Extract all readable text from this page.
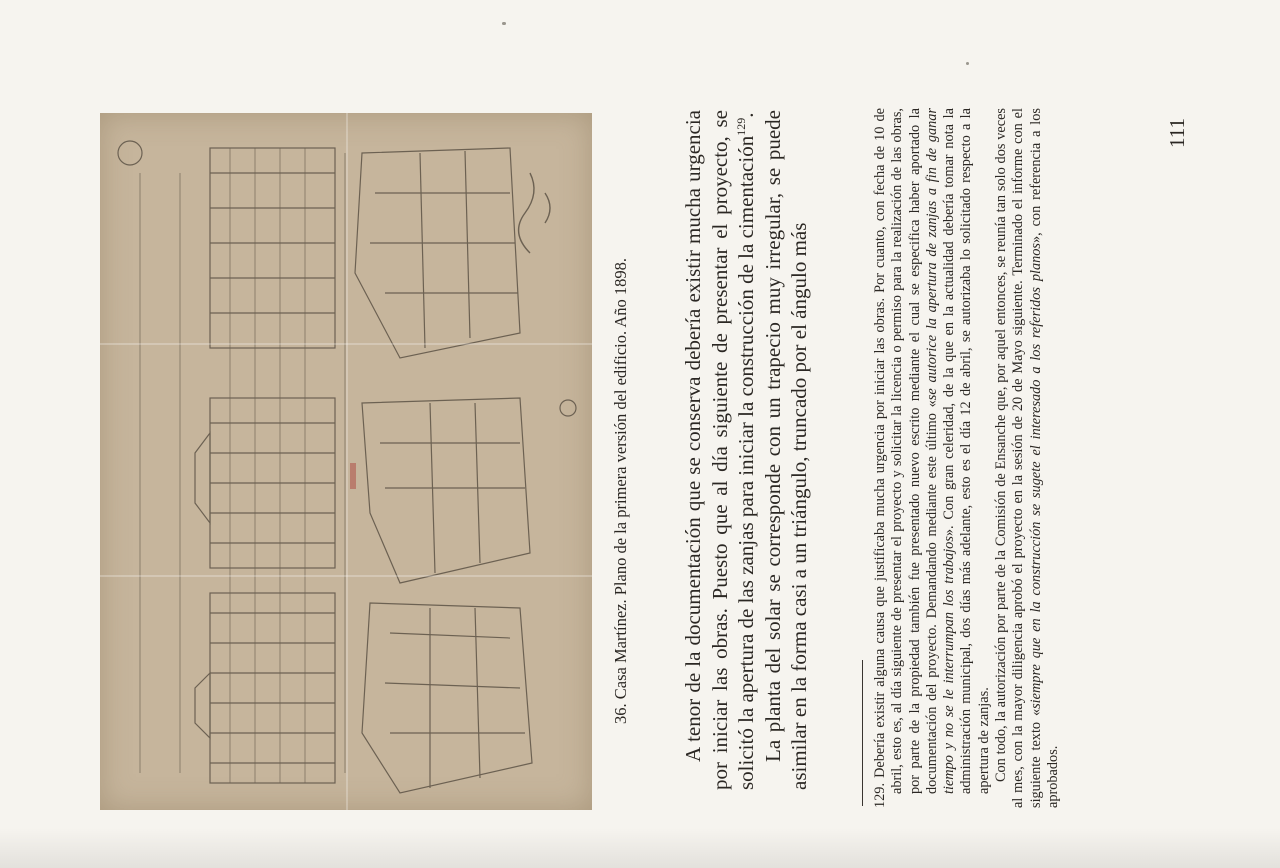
36. Casa Martínez. Plano de la primera versión del edificio. Año 1898.	A tenor de la documentación que se conserva debería existir mucha urgencia por iniciar las obras. Puesto que al día siguiente de presentar el proyecto, se solicitó la apertura de las zanjas para iniciar la construcción de la cimentación$^{129}$. La planta del solar se corresponde con un trapecio muy irregular, se puede asimilar en la forma casi a un triángulo, truncado por el ángulo más

129. Debería existir alguna causa que justificaba mucha urgencia por iniciar las obras. Por cuanto, con fecha de 10 de abril, esto es, al día siguiente de presentar el proyecto y solicitar la licencia o permiso para la realización de las obras, por parte de la propiedad también fue presentado nuevo escrito mediante el cual se especifica haber aportado la documentación del proyecto. Demandando mediante este último «se autorice la apertura de zanjas a fin de ganar tiempo y no se le interrumpan los trabajos». Con gran celeridad, de la que en la actualidad debería tomar nota la administración municipal, dos días más adelante, esto es el día 12 de abril, se autorizaba lo solicitado respecto a la apertura de zanjas. Con todo, la autorización por parte de la Comisión de Ensanche que, por aquel entonces, se reunía tan solo dos veces al mes, con la mayor diligencia aprobó el proyecto en la sesión de 20 de Mayo siguiente. Terminado el informe con el siguiente texto «siempre que en la construcción se sugete el interesado a los referidos planos», con referencia a los aprobados.

111
